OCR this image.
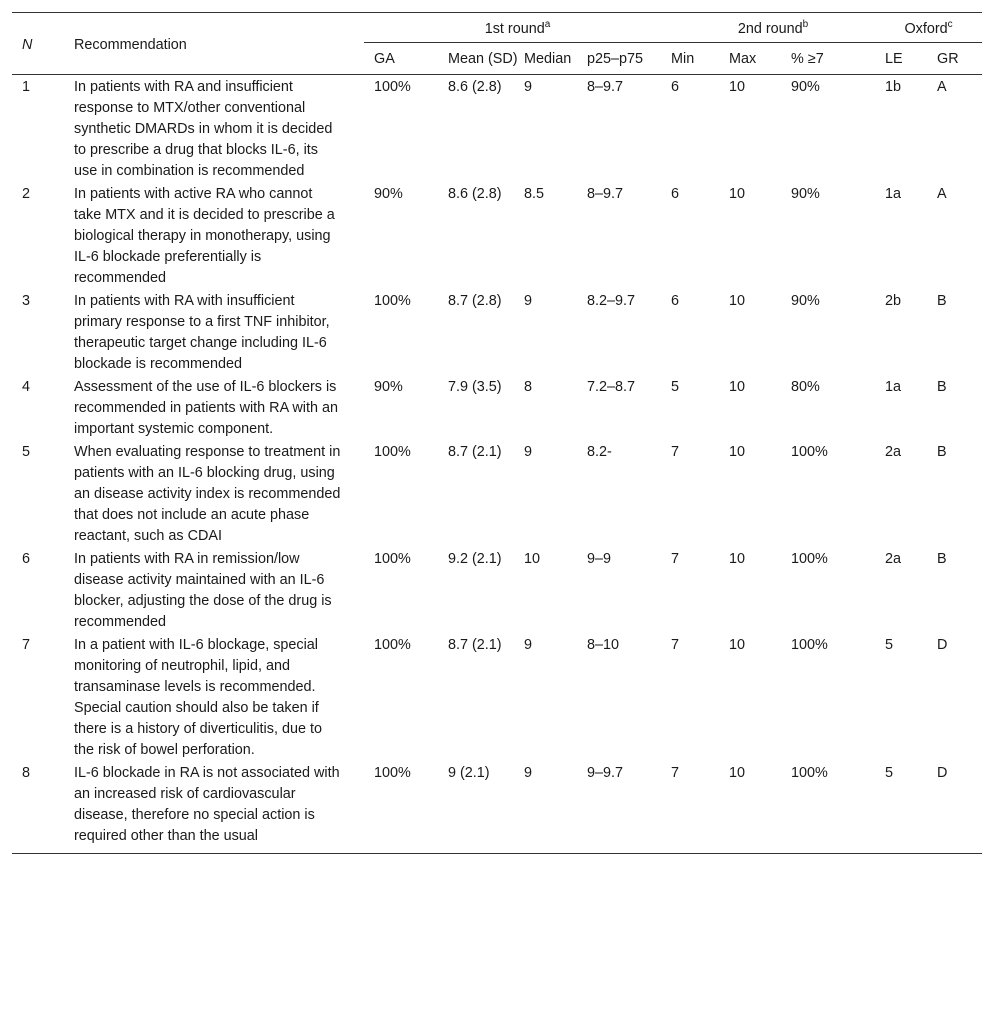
N	Recommendation	1st round$^a$				2nd round$^b$			Oxford$^c$
		GA	Mean (SD)	Median	p25–p75	Min	Max	% ≥7	LE	GR
1	In patients with RA and insufficient response to MTX/other conventional synthetic DMARDs in whom it is decided to prescribe a drug that blocks IL-6, its use in combination is recommended	100%	8.6 (2.8)	9	8–9.7	6	10	90%	1b	A
2	In patients with active RA who cannot take MTX and it is decided to prescribe a biological therapy in monotherapy, using IL-6 blockade preferentially is recommended	90%	8.6 (2.8)	8.5	8–9.7	6	10	90%	1a	A
3	In patients with RA with insufficient primary response to a first TNF inhibitor, therapeutic target change including IL-6 blockade is recommended	100%	8.7 (2.8)	9	8.2–9.7	6	10	90%	2b	B
4	Assessment of the use of IL-6 blockers is recommended in patients with RA with an important systemic component.	90%	7.9 (3.5)	8	7.2–8.7	5	10	80%	1a	B
5	When evaluating response to treatment in patients with an IL-6 blocking drug, using an disease activity index is recommended that does not include an acute phase reactant, such as CDAI	100%	8.7 (2.1)	9	8.2-	7	10	100%	2a	B
6	In patients with RA in remission/low disease activity maintained with an IL-6 blocker, adjusting the dose of the drug is recommended	100%	9.2 (2.1)	10	9–9	7	10	100%	2a	B
7	In a patient with IL-6 blockage, special monitoring of neutrophil, lipid, and transaminase levels is recommended. Special caution should also be taken if there is a history of diverticulitis, due to the risk of bowel perforation.	100%	8.7 (2.1)	9	8–10	7	10	100%	5	D
8	IL-6 blockade in RA is not associated with an increased risk of cardiovascular disease, therefore no special action is required other than the usual	100%	9 (2.1)	9	9–9.7	7	10	100%	5	D
